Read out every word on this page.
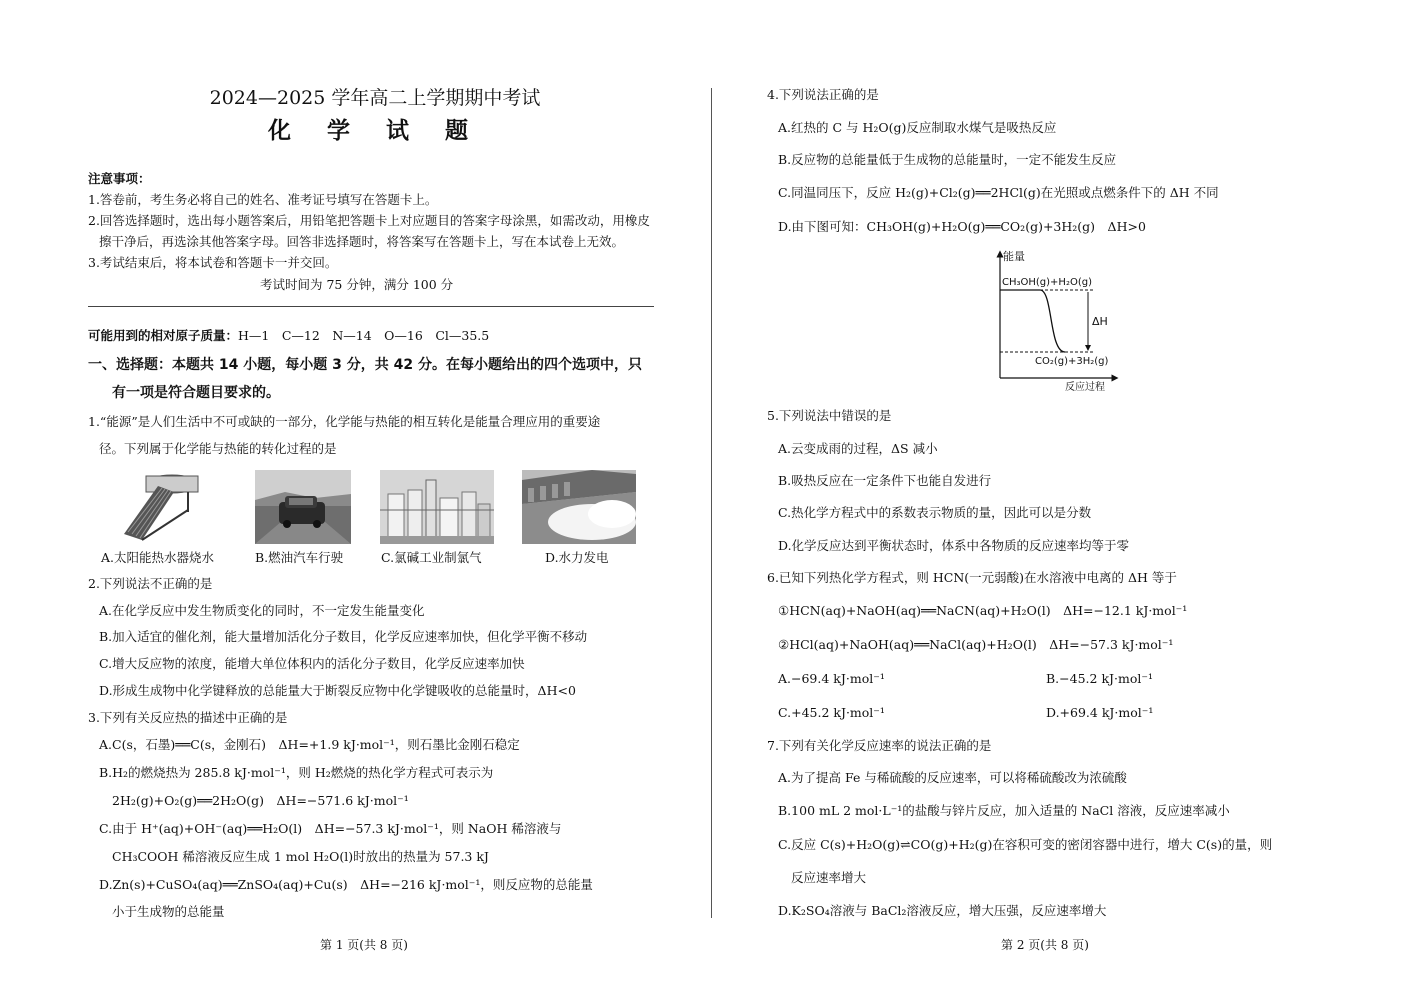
2024—2025 学年高二上学期期中考试
化 学 试 题
注意事项：
1.答卷前，考生务必将自己的姓名、准考证号填写在答题卡上。
2.回答选择题时，选出每小题答案后，用铅笔把答题卡上对应题目的答案字母涂黑，如需改动，用橡皮
擦干净后，再选涂其他答案字母。回答非选择题时，将答案写在答题卡上，写在本试卷上无效。
3.考试结束后，将本试卷和答题卡一并交回。
考试时间为 75 分钟，满分 100 分
可能用到的相对原子质量：H—1　C—12　N—14　O—16　Cl—35.5
一、选择题：本题共 14 小题，每小题 3 分，共 42 分。在每小题给出的四个选项中，只
有一项是符合题目要求的。
1.“能源”是人们生活中不可或缺的一部分，化学能与热能的相互转化是能量合理应用的重要途
径。下列属于化学能与热能的转化过程的是
A.太阳能热水器烧水	B.燃油汽车行驶	C.氯碱工业制氯气	D.水力发电
2.下列说法不正确的是
A.在化学反应中发生物质变化的同时，不一定发生能量变化
B.加入适宜的催化剂，能大量增加活化分子数目，化学反应速率加快，但化学平衡不移动
C.增大反应物的浓度，能增大单位体积内的活化分子数目，化学反应速率加快
D.形成生成物中化学键释放的总能量大于断裂反应物中化学键吸收的总能量时，ΔH<0
3.下列有关反应热的描述中正确的是
A.C(s，石墨)══C(s，金刚石)　ΔH=+1.9 kJ·mol⁻¹，则石墨比金刚石稳定
B.H₂的燃烧热为 285.8 kJ·mol⁻¹，则 H₂燃烧的热化学方程式可表示为
2H₂(g)+O₂(g)══2H₂O(g)　ΔH=−571.6 kJ·mol⁻¹
C.由于 H⁺(aq)+OH⁻(aq)══H₂O(l)　ΔH=−57.3 kJ·mol⁻¹，则 NaOH 稀溶液与
CH₃COOH 稀溶液反应生成 1 mol H₂O(l)时放出的热量为 57.3 kJ
D.Zn(s)+CuSO₄(aq)══ZnSO₄(aq)+Cu(s)　ΔH=−216 kJ·mol⁻¹，则反应物的总能量
小于生成物的总能量
第 1 页(共 8 页)
4.下列说法正确的是
A.红热的 C 与 H₂O(g)反应制取水煤气是吸热反应
B.反应物的总能量低于生成物的总能量时，一定不能发生反应
C.同温同压下，反应 H₂(g)+Cl₂(g)══2HCl(g)在光照或点燃条件下的 ΔH 不同
D.由下图可知：CH₃OH(g)+H₂O(g)══CO₂(g)+3H₂(g)　ΔH>0
能量
CH₃OH(g)+H₂O(g)
ΔH
CO₂(g)+3H₂(g)
反应过程
5.下列说法中错误的是
A.云变成雨的过程，ΔS 减小
B.吸热反应在一定条件下也能自发进行
C.热化学方程式中的系数表示物质的量，因此可以是分数
D.化学反应达到平衡状态时，体系中各物质的反应速率均等于零
6.已知下列热化学方程式，则 HCN(一元弱酸)在水溶液中电离的 ΔH 等于
①HCN(aq)+NaOH(aq)══NaCN(aq)+H₂O(l)　ΔH=−12.1 kJ·mol⁻¹
②HCl(aq)+NaOH(aq)══NaCl(aq)+H₂O(l)　ΔH=−57.3 kJ·mol⁻¹
A.−69.4 kJ·mol⁻¹	B.−45.2 kJ·mol⁻¹
C.+45.2 kJ·mol⁻¹	D.+69.4 kJ·mol⁻¹
7.下列有关化学反应速率的说法正确的是
A.为了提高 Fe 与稀硫酸的反应速率，可以将稀硫酸改为浓硫酸
B.100 mL 2 mol·L⁻¹的盐酸与锌片反应，加入适量的 NaCl 溶液，反应速率减小
C.反应 C(s)+H₂O(g)⇌CO(g)+H₂(g)在容积可变的密闭容器中进行，增大 C(s)的量，则
反应速率增大
D.K₂SO₄溶液与 BaCl₂溶液反应，增大压强，反应速率增大
第 2 页(共 8 页)
